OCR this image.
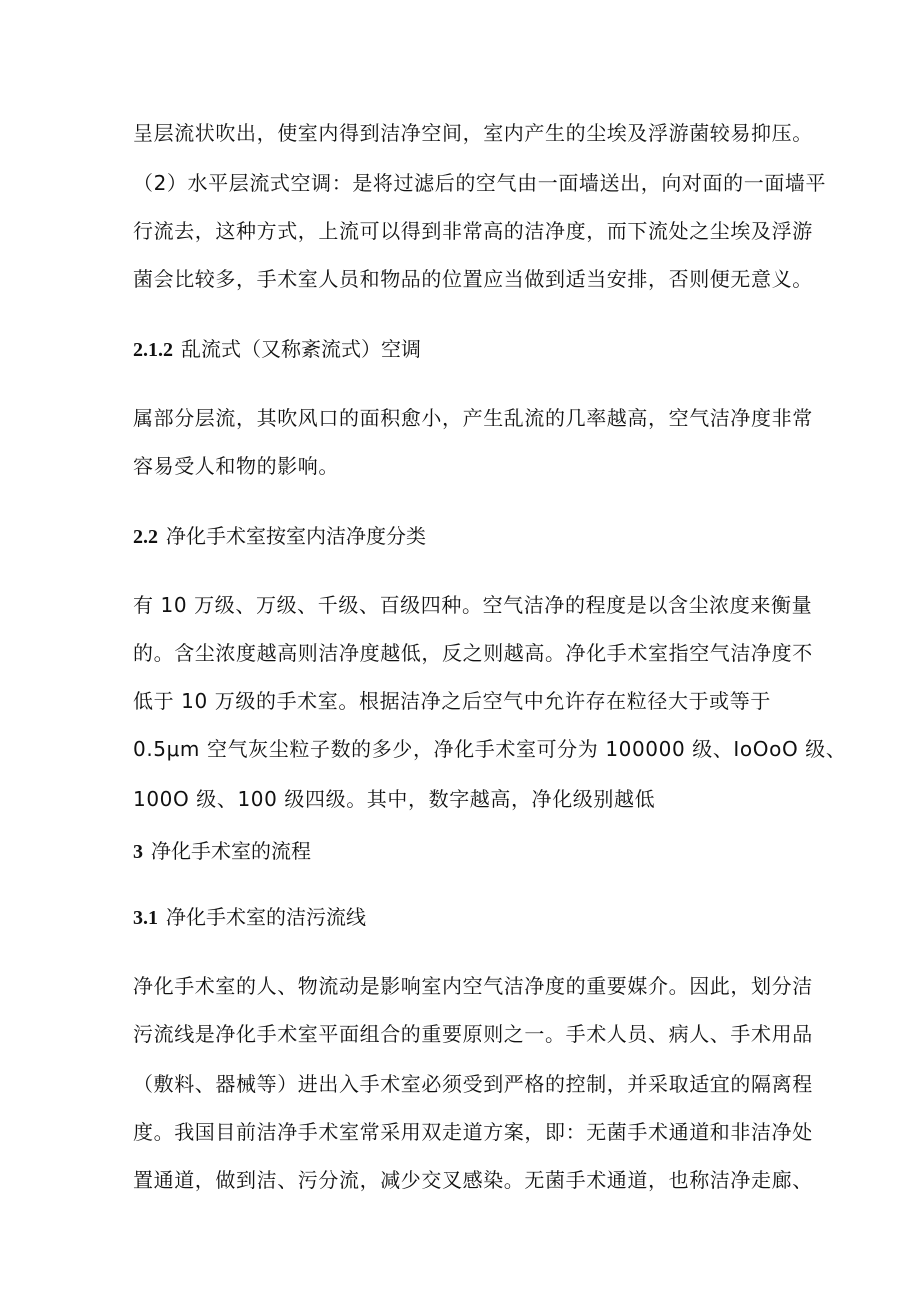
呈层流状吹出，使室内得到洁净空间，室内产生的尘埃及浮游菌较易抑压。
（2）水平层流式空调：是将过滤后的空气由一面墙送出，向对面的一面墙平
行流去，这种方式，上流可以得到非常高的洁净度，而下流处之尘埃及浮游
菌会比较多，手术室人员和物品的位置应当做到适当安排，否则便无意义。
2.1.2 乱流式（又称紊流式）空调
属部分层流，其吹风口的面积愈小，产生乱流的几率越高，空气洁净度非常
容易受人和物的影响。
2.2 净化手术室按室内洁净度分类
有 10 万级、万级、千级、百级四种。空气洁净的程度是以含尘浓度来衡量
的。含尘浓度越高则洁净度越低，反之则越高。净化手术室指空气洁净度不
低于 10 万级的手术室。根据洁净之后空气中允许存在粒径大于或等于
0.5μm 空气灰尘粒子数的多少，净化手术室可分为 100000 级、IoOoO 级、
100O 级、100 级四级。其中，数字越高，净化级别越低
3 净化手术室的流程
3.1 净化手术室的洁污流线
净化手术室的人、物流动是影响室内空气洁净度的重要媒介。因此，划分洁
污流线是净化手术室平面组合的重要原则之一。手术人员、病人、手术用品
（敷料、器械等）进出入手术室必须受到严格的控制，并采取适宜的隔离程
度。我国目前洁净手术室常采用双走道方案，即：无菌手术通道和非洁净处
置通道，做到洁、污分流，减少交叉感染。无菌手术通道，也称洁净走廊、
